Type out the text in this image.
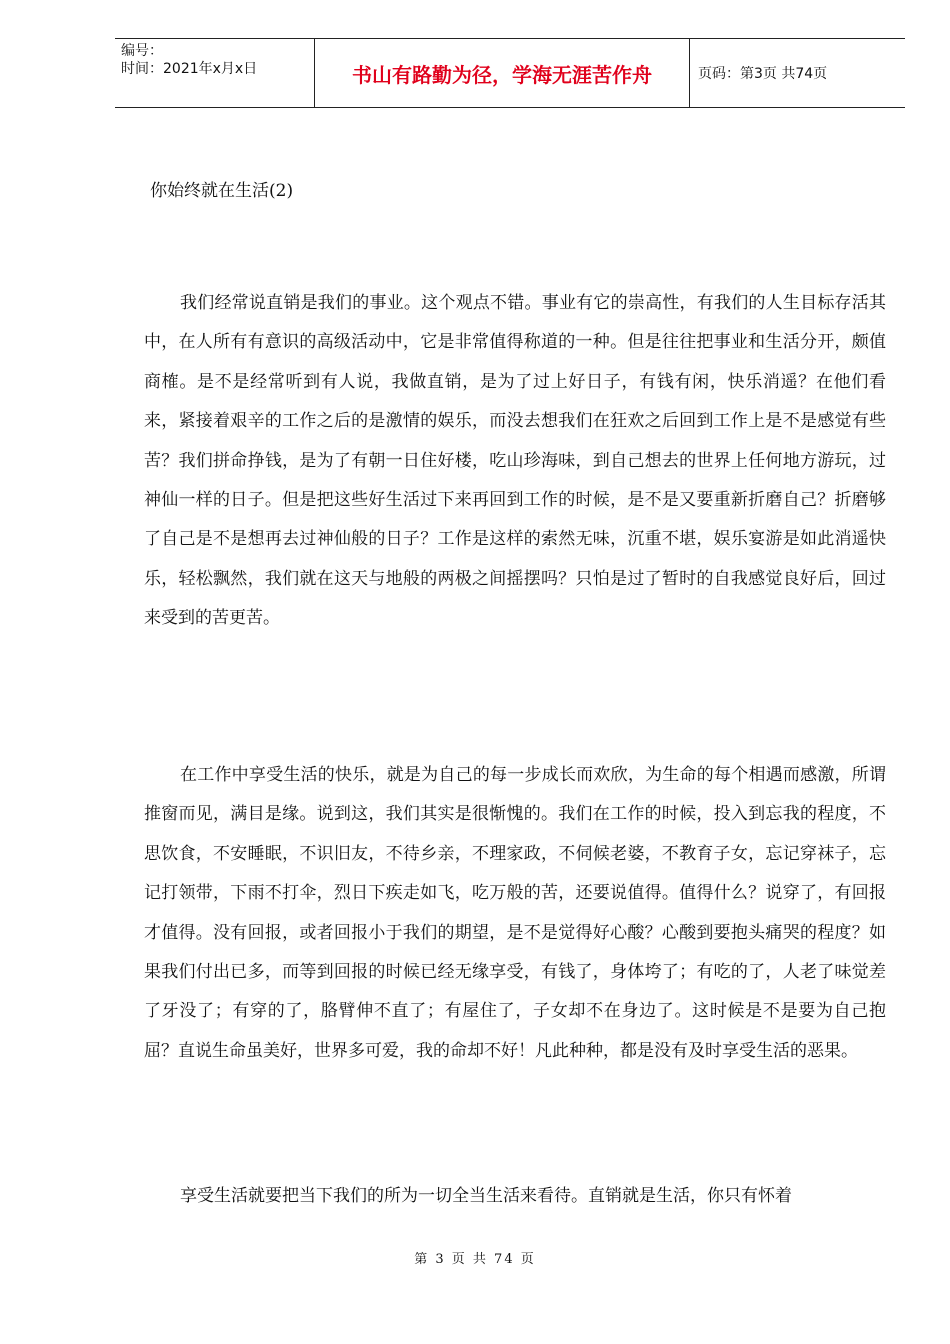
编号：
时间：2021年x月x日	书山有路勤为径，学海无涯苦作舟	页码：第3页 共74页
你始终就在生活(2)

我们经常说直销是我们的事业。这个观点不错。事业有它的崇高性，有我们的人生目标存活其中，在人所有有意识的高级活动中，它是非常值得称道的一种。但是往往把事业和生活分开，颇值商榷。是不是经常听到有人说，我做直销，是为了过上好日子，有钱有闲，快乐消遥？在他们看来，紧接着艰辛的工作之后的是激情的娱乐，而没去想我们在狂欢之后回到工作上是不是感觉有些苦？我们拼命挣钱，是为了有朝一日住好楼，吃山珍海味，到自己想去的世界上任何地方游玩，过神仙一样的日子。但是把这些好生活过下来再回到工作的时候，是不是又要重新折磨自己？折磨够了自己是不是想再去过神仙般的日子？工作是这样的索然无味，沉重不堪，娱乐宴游是如此消遥快乐，轻松飘然，我们就在这天与地般的两极之间摇摆吗？只怕是过了暂时的自我感觉良好后，回过来受到的苦更苦。

在工作中享受生活的快乐，就是为自己的每一步成长而欢欣，为生命的每个相遇而感激，所谓推窗而见，满目是缘。说到这，我们其实是很惭愧的。我们在工作的时候，投入到忘我的程度，不思饮食，不安睡眠，不识旧友，不待乡亲，不理家政，不伺候老婆，不教育子女，忘记穿袜子，忘记打领带，下雨不打伞，烈日下疾走如飞，吃万般的苦，还要说值得。值得什么？说穿了，有回报才值得。没有回报，或者回报小于我们的期望，是不是觉得好心酸？心酸到要抱头痛哭的程度？如果我们付出已多，而等到回报的时候已经无缘享受，有钱了，身体垮了；有吃的了，人老了味觉差了牙没了；有穿的了，胳臂伸不直了；有屋住了，子女却不在身边了。这时候是不是要为自己抱屈？直说生命虽美好，世界多可爱，我的命却不好！凡此种种，都是没有及时享受生活的恶果。

享受生活就要把当下我们的所为一切全当生活来看待。直销就是生活，你只有怀着

第 3 页 共 74 页
